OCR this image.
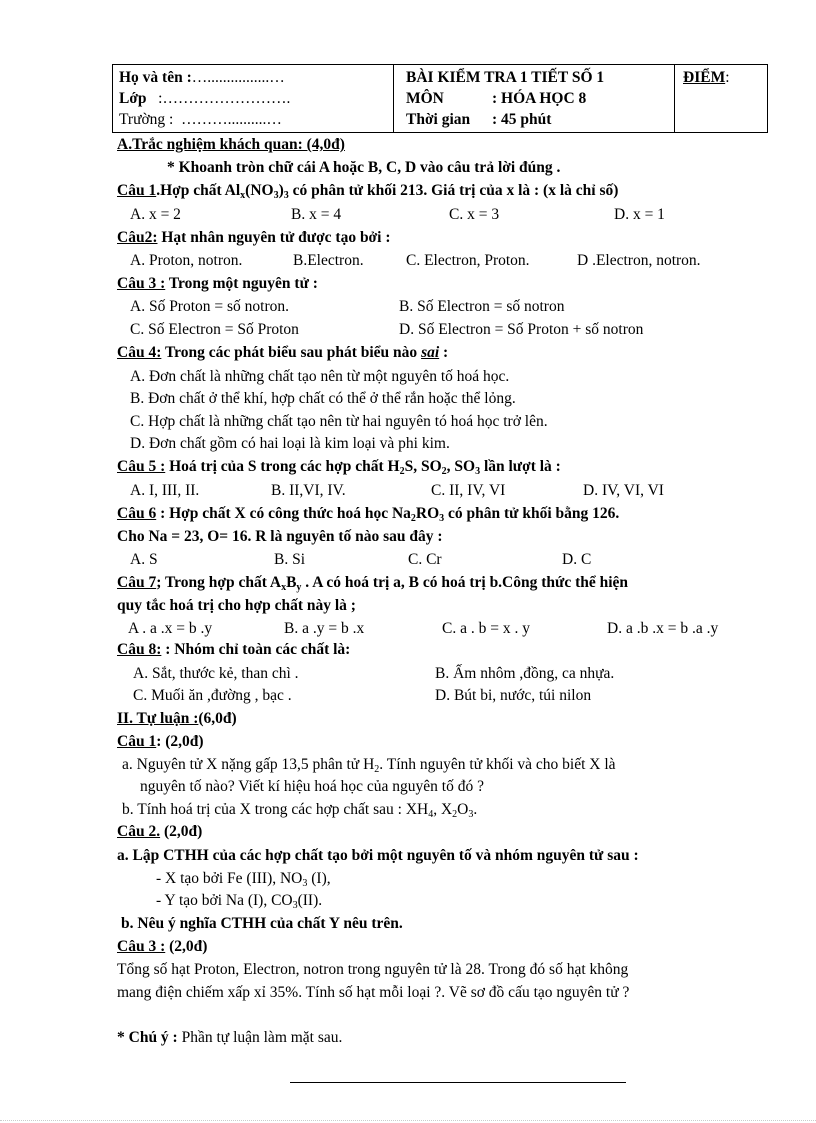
Họ và tên :…................…
Lớp :…………………….
Trường : ………..........…

BÀI KIỂM TRA 1 TIẾT SỐ 1
MÔN	: HÓA HỌC 8
Thời gian : 45 phút
	ĐIỂM:
A.Trắc nghiệm khách quan: (4,0đ)
* Khoanh tròn chữ cái A hoặc B, C, D vào câu trả lời đúng .
Câu 1.Hợp chất $Al_x(NO_3)_3$ có phân tử khối 213. Giá trị của x là : (x là chỉ số)
A. x = 2	B. x = 4	C. x = 3	D. x = 1
Câu2: Hạt nhân nguyên tử được tạo bởi :
A. Proton, notron.	B.Electron.	C. Electron, Proton.	D .Electron, notron.
Câu 3 : Trong một nguyên tử :
A. Số Proton = số notron.	B. Số Electron = số notron
C. Số Electron = Số Proton	D. Số Electron = Số Proton + số notron
Câu 4: Trong các phát biểu sau phát biểu nào sai :
A. Đơn chất là những chất tạo nên từ một nguyên tố hoá học.
B. Đơn chất ở thể khí, hợp chất có thể ở thể rắn hoặc thể lỏng.
C. Hợp chất là những chất tạo nên từ hai nguyên tó hoá học trở lên.
D. Đơn chất gồm có hai loại là kim loại và phi kim.
Câu 5 : Hoá trị của S trong các hợp chất $H_2S$, $SO_2$, $SO_3$ lần lượt là :
A. I, III, II.	B. II,VI, IV.	C. II, IV, VI	D. IV, VI, VI
Câu 6 : Hợp chất X có công thức hoá học $Na_2RO_3$ có phân tử khối bằng 126.
Cho Na = 23, O= 16. R là nguyên tố nào sau đây :
A. S	B. Si	C. Cr	D. C
Câu 7; Trong hợp chất $A_xB_y$ . A có hoá trị a, B có hoá trị b.Công thức thể hiện
quy tắc hoá trị cho hợp chất này là ;
A . a .x = b .y	B. a .y = b .x	C. a . b = x . y	D. a .b .x = b .a .y
Câu 8: : Nhóm chỉ toàn các chất là:
A. Sắt, thước kẻ, than chì .	B. Ấm nhôm ,đồng, ca nhựa.
C. Muối ăn ,đường , bạc .	D. Bút bi, nước, túi nilon
II. Tự luận :(6,0đ)
Câu 1: (2,0đ)
a. Nguyên tử X nặng gấp 13,5 phân tử $H_2$. Tính nguyên tử khối và cho biết X là
nguyên tố nào? Viết kí hiệu hoá học của nguyên tố đó ?
b. Tính hoá trị của X trong các hợp chất sau : $XH_4$, $X_2O_3$.
Câu 2. (2,0đ)
a. Lập CTHH của các hợp chất tạo bởi một nguyên tố và nhóm nguyên tử sau :
- X tạo bởi Fe (III), $NO_3$ (I),
- Y tạo bởi Na (I), $CO_3(II)$.
b. Nêu ý nghĩa CTHH của chất Y nêu trên.
Câu 3 : (2,0đ)
Tổng số hạt Proton, Electron, notron trong nguyên tử là 28. Trong đó số hạt không
mang điện chiếm xấp xỉ 35%. Tính số hạt mỗi loại ?. Vẽ sơ đồ cấu tạo nguyên tử ?
* Chú ý : Phần tự luận làm mặt sau.
